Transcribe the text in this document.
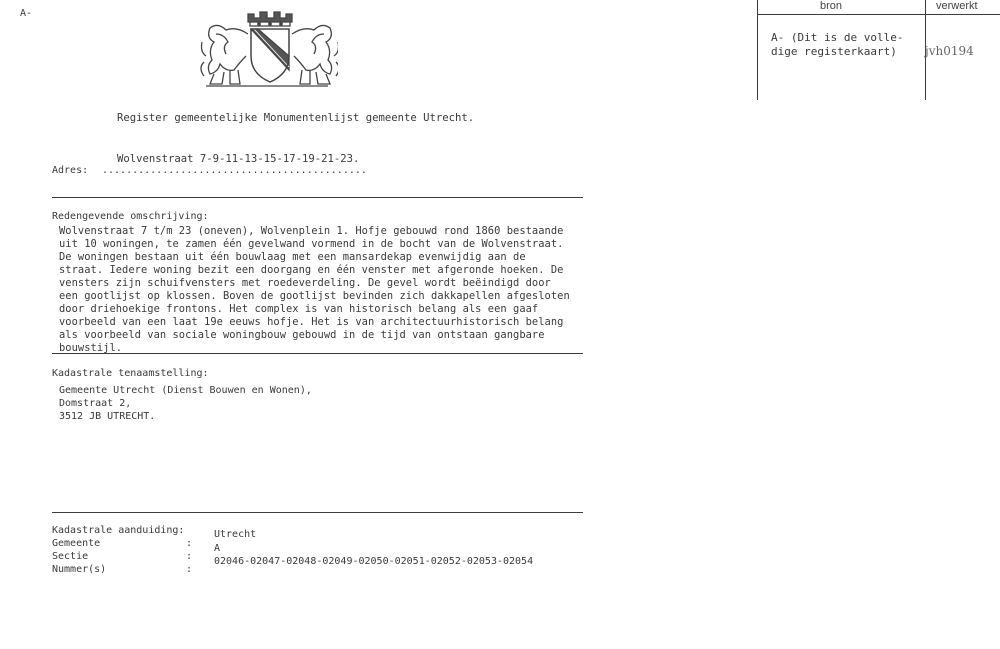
A-
bron	verwerkt
A- (Dit is de volle-
dige registerkaart) jvh0194
Register gemeentelijke Monumentenlijst gemeente Utrecht.
Wolvenstraat 7-9-11-13-15-17-19-21-23.
Adres: ............................................
Redengevende omschrijving:
Wolvenstraat 7 t/m 23 (oneven), Wolvenplein 1. Hofje gebouwd rond 1860 bestaande
uit 10 woningen, te zamen één gevelwand vormend in de bocht van de Wolvenstraat.
De woningen bestaan uit één bouwlaag met een mansardekap evenwijdig aan de
straat. Iedere woning bezit een doorgang en één venster met afgeronde hoeken. De
vensters zijn schuifvensters met roedeverdeling. De gevel wordt beëindigd door
een gootlijst op klossen. Boven de gootlijst bevinden zich dakkapellen afgesloten
door driehoekige frontons. Het complex is van historisch belang als een gaaf
voorbeeld van een laat 19e eeuws hofje. Het is van architectuurhistorisch belang
als voorbeeld van sociale woningbouw gebouwd in de tijd van ontstaan gangbare
bouwstijl.
Kadastrale tenaamstelling:
Gemeente Utrecht (Dienst Bouwen en Wonen),
Domstraat 2,
3512 JB UTRECHT.
Kadastrale aanduiding:
Gemeente
Sectie
Nummer(s)
:
:
:
Utrecht
A
02046-02047-02048-02049-02050-02051-02052-02053-02054
